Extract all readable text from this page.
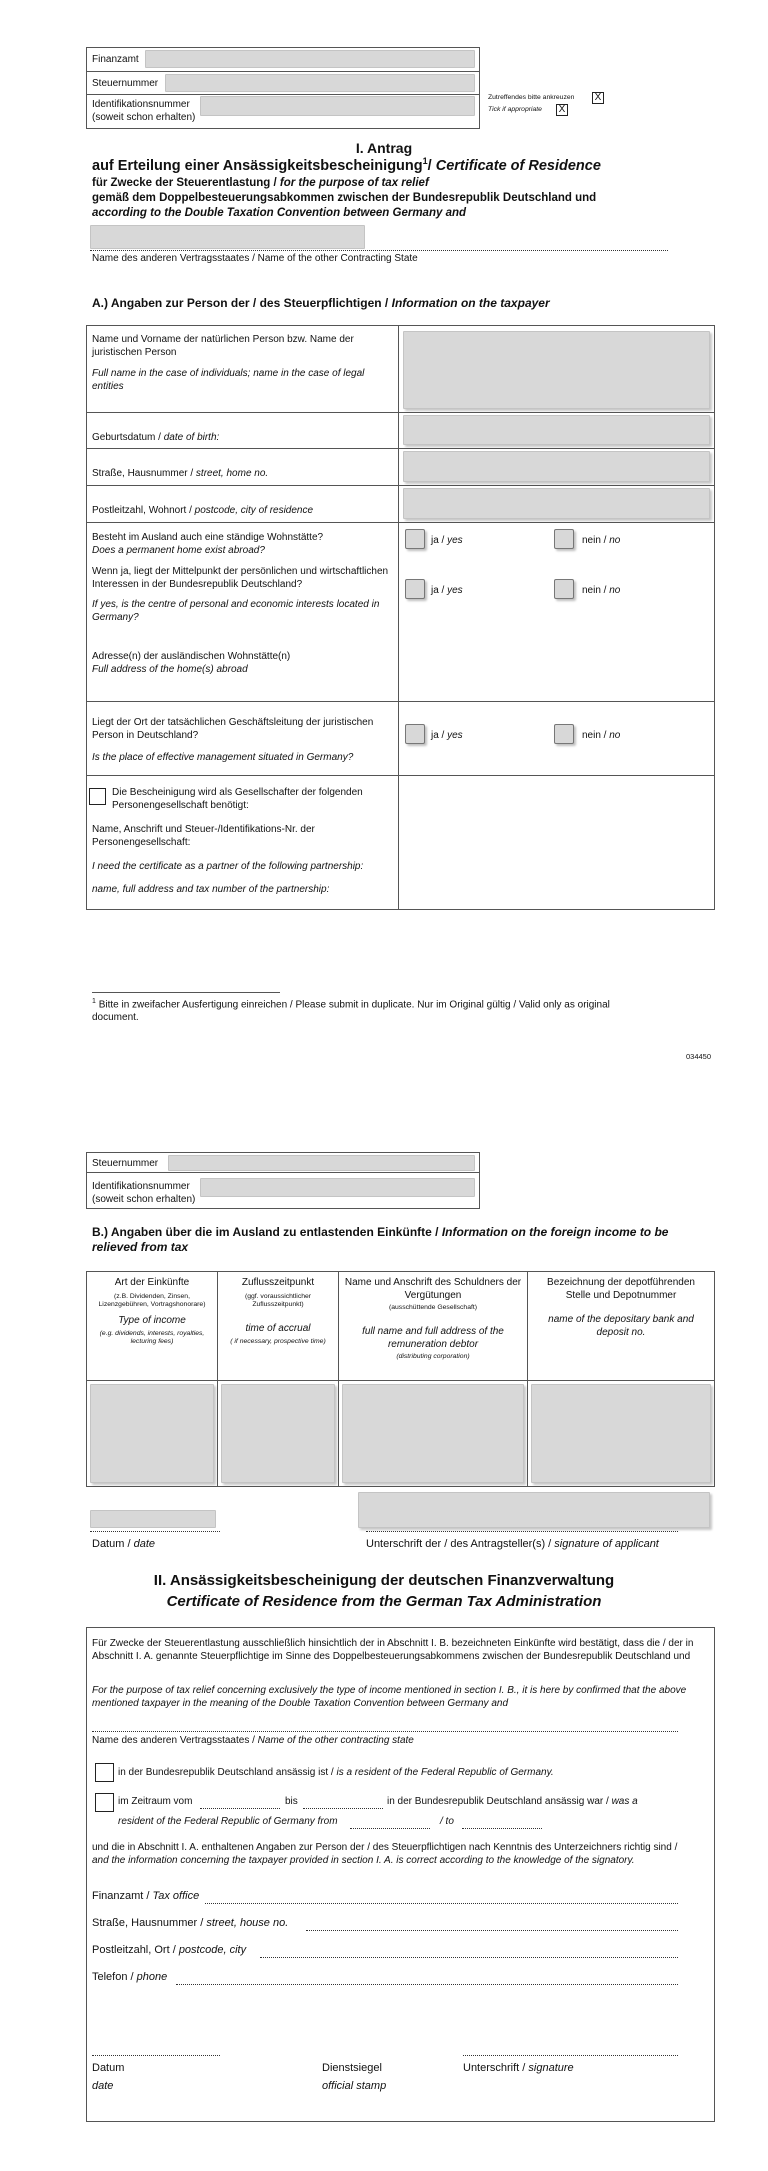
Finanzamt
Steuernummer
Identifikationsnummer
(soweit schon erhalten)
Zutreffendes bitte ankreuzen
Tick if appropriate
X
X
I. Antrag
auf Erteilung einer Ansässigkeitsbescheinigung$^1$/ Certificate of Residence
für Zwecke der Steuerentlastung / for the purpose of tax relief
gemäß dem Doppelbesteuerungsabkommen zwischen der Bundesrepublik Deutschland und
according to the Double Taxation Convention between Germany and
Name des anderen Vertragsstaates / Name of the other Contracting State
A.) Angaben zur Person der / des Steuerpflichtigen / Information on the taxpayer
Name und Vorname der natürlichen Person bzw. Name der juristischen Person
Full name in the case of individuals; name in the case of legal entities
Geburtsdatum / date of birth:
Straße, Hausnummer / street, home no.
Postleitzahl, Wohnort / postcode, city of residence
Besteht im Ausland auch eine ständige Wohnstätte?
Does a permanent home exist abroad?
Wenn ja, liegt der Mittelpunkt der persönlichen und wirtschaftlichen Interessen in der Bundesrepublik Deutschland?
If yes, is the centre of personal and economic interests located in Germany?
Adresse(n) der ausländischen Wohnstätte(n)
Full address of the home(s) abroad
ja / yes	nein / no
ja / yes	nein / no
Liegt der Ort der tatsächlichen Geschäftsleitung der juristischen Person in Deutschland?
Is the place of effective management situated in Germany?
ja / yes	nein / no
Die Bescheinigung wird als Gesellschafter der folgenden
Personengesellschaft benötigt:
Name, Anschrift und Steuer-/Identifikations-Nr. der Personengesellschaft:
I need the certificate as a partner of the following partnership:
name, full address and tax number of the partnership:
$^1$ Bitte in zweifacher Ausfertigung einreichen / Please submit in duplicate. Nur im Original gültig / Valid only as original document.
034450
Steuernummer
Identifikationsnummer
(soweit schon erhalten)
B.) Angaben über die im Ausland zu entlastenden Einkünfte / Information on the foreign income to be relieved from tax
Art der Einkünfte
(z.B. Dividenden, Zinsen, Lizenzgebühren, Vortragshonorare)
Type of income
(e.g. dividends, interests, royalties, lecturing fees)
Zuflusszeitpunkt
(ggf. voraussichtlicher Zuflusszeitpunkt)
time of accrual
( if necessary, prospective time)
Name und Anschrift des Schuldners der Vergütungen
(ausschüttende Gesellschaft)
full name and full address of the remuneration debtor
(distributing corporation)
Bezeichnung der depotführenden Stelle und Depotnummer
name of the depositary bank and deposit no.
Datum / date	Unterschrift der / des Antragsteller(s) / signature of applicant
II. Ansässigkeitsbescheinigung der deutschen Finanzverwaltung
Certificate of Residence from the German Tax Administration
Für Zwecke der Steuerentlastung ausschließlich hinsichtlich der in Abschnitt I. B. bezeichneten Einkünfte wird bestätigt, dass die / der in Abschnitt I. A. genannte Steuerpflichtige im Sinne des Doppelbesteuerungsabkommens zwischen der Bundesrepublik Deutschland und
For the purpose of tax relief concerning exclusively the type of income mentioned in section I. B., it is here by confirmed that the above mentioned taxpayer in the meaning of the Double Taxation Convention between Germany and
Name des anderen Vertragsstaates / Name of the other contracting state
in der Bundesrepublik Deutschland ansässig ist / is a resident of the Federal Republic of Germany.
im Zeitraum vom	bis	in der Bundesrepublik Deutschland ansässig war / was a
resident of the Federal Republic of Germany from	/ to
und die in Abschnitt I. A. enthaltenen Angaben zur Person der / des Steuerpflichtigen nach Kenntnis des Unterzeichners richtig sind / and the information concerning the taxpayer provided in section I. A. is correct according to the knowledge of the signatory.
Finanzamt / Tax office
Straße, Hausnummer / street, house no.
Postleitzahl, Ort / postcode, city
Telefon / phone
Datum
date
Dienstsiegel
official stamp
Unterschrift / signature
